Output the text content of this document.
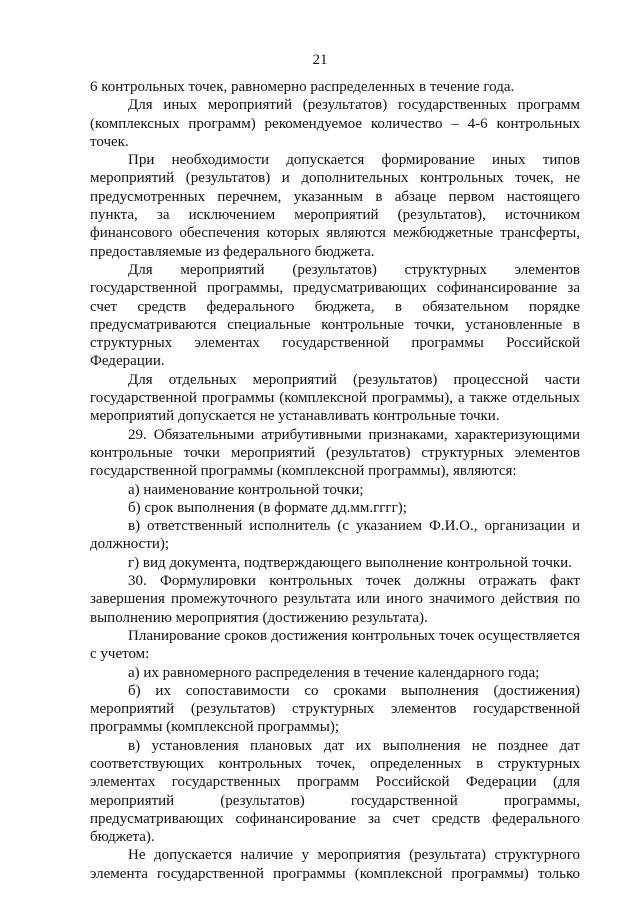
21

6 контрольных точек, равномерно распределенных в течение года.

Для иных мероприятий (результатов) государственных программ (комплексных программ) рекомендуемое количество – 4-6 контрольных точек.

При необходимости допускается формирование иных типов мероприятий (результатов) и дополнительных контрольных точек, не предусмотренных перечнем, указанным в абзаце первом настоящего пункта, за исключением мероприятий (результатов), источником финансового обеспечения которых являются межбюджетные трансферты, предоставляемые из федерального бюджета.

Для мероприятий (результатов) структурных элементов государственной программы, предусматривающих софинансирование за счет средств федерального бюджета, в обязательном порядке предусматриваются специальные контрольные точки, установленные в структурных элементах государственной программы Российской Федерации.

Для отдельных мероприятий (результатов) процессной части государственной программы (комплексной программы), а также отдельных мероприятий допускается не устанавливать контрольные точки.

29. Обязательными атрибутивными признаками, характеризующими контрольные точки мероприятий (результатов) структурных элементов государственной программы (комплексной программы), являются:

а) наименование контрольной точки;

б) срок выполнения (в формате дд.мм.гггг);

в) ответственный исполнитель (с указанием Ф.И.О., организации и должности);

г) вид документа, подтверждающего выполнение контрольной точки.

30. Формулировки контрольных точек должны отражать факт завершения промежуточного результата или иного значимого действия по выполнению мероприятия (достижению результата).

Планирование сроков достижения контрольных точек осуществляется с учетом:

а) их равномерного распределения в течение календарного года;

б) их сопоставимости со сроками выполнения (достижения) мероприятий (результатов) структурных элементов государственной программы (комплексной программы);

в) установления плановых дат их выполнения не позднее дат соответствующих контрольных точек, определенных в структурных элементах государственных программ Российской Федерации (для мероприятий (результатов) государственной программы, предусматривающих софинансирование за счет средств федерального бюджета).

Не допускается наличие у мероприятия (результата) структурного элемента государственной программы (комплексной программы) только
